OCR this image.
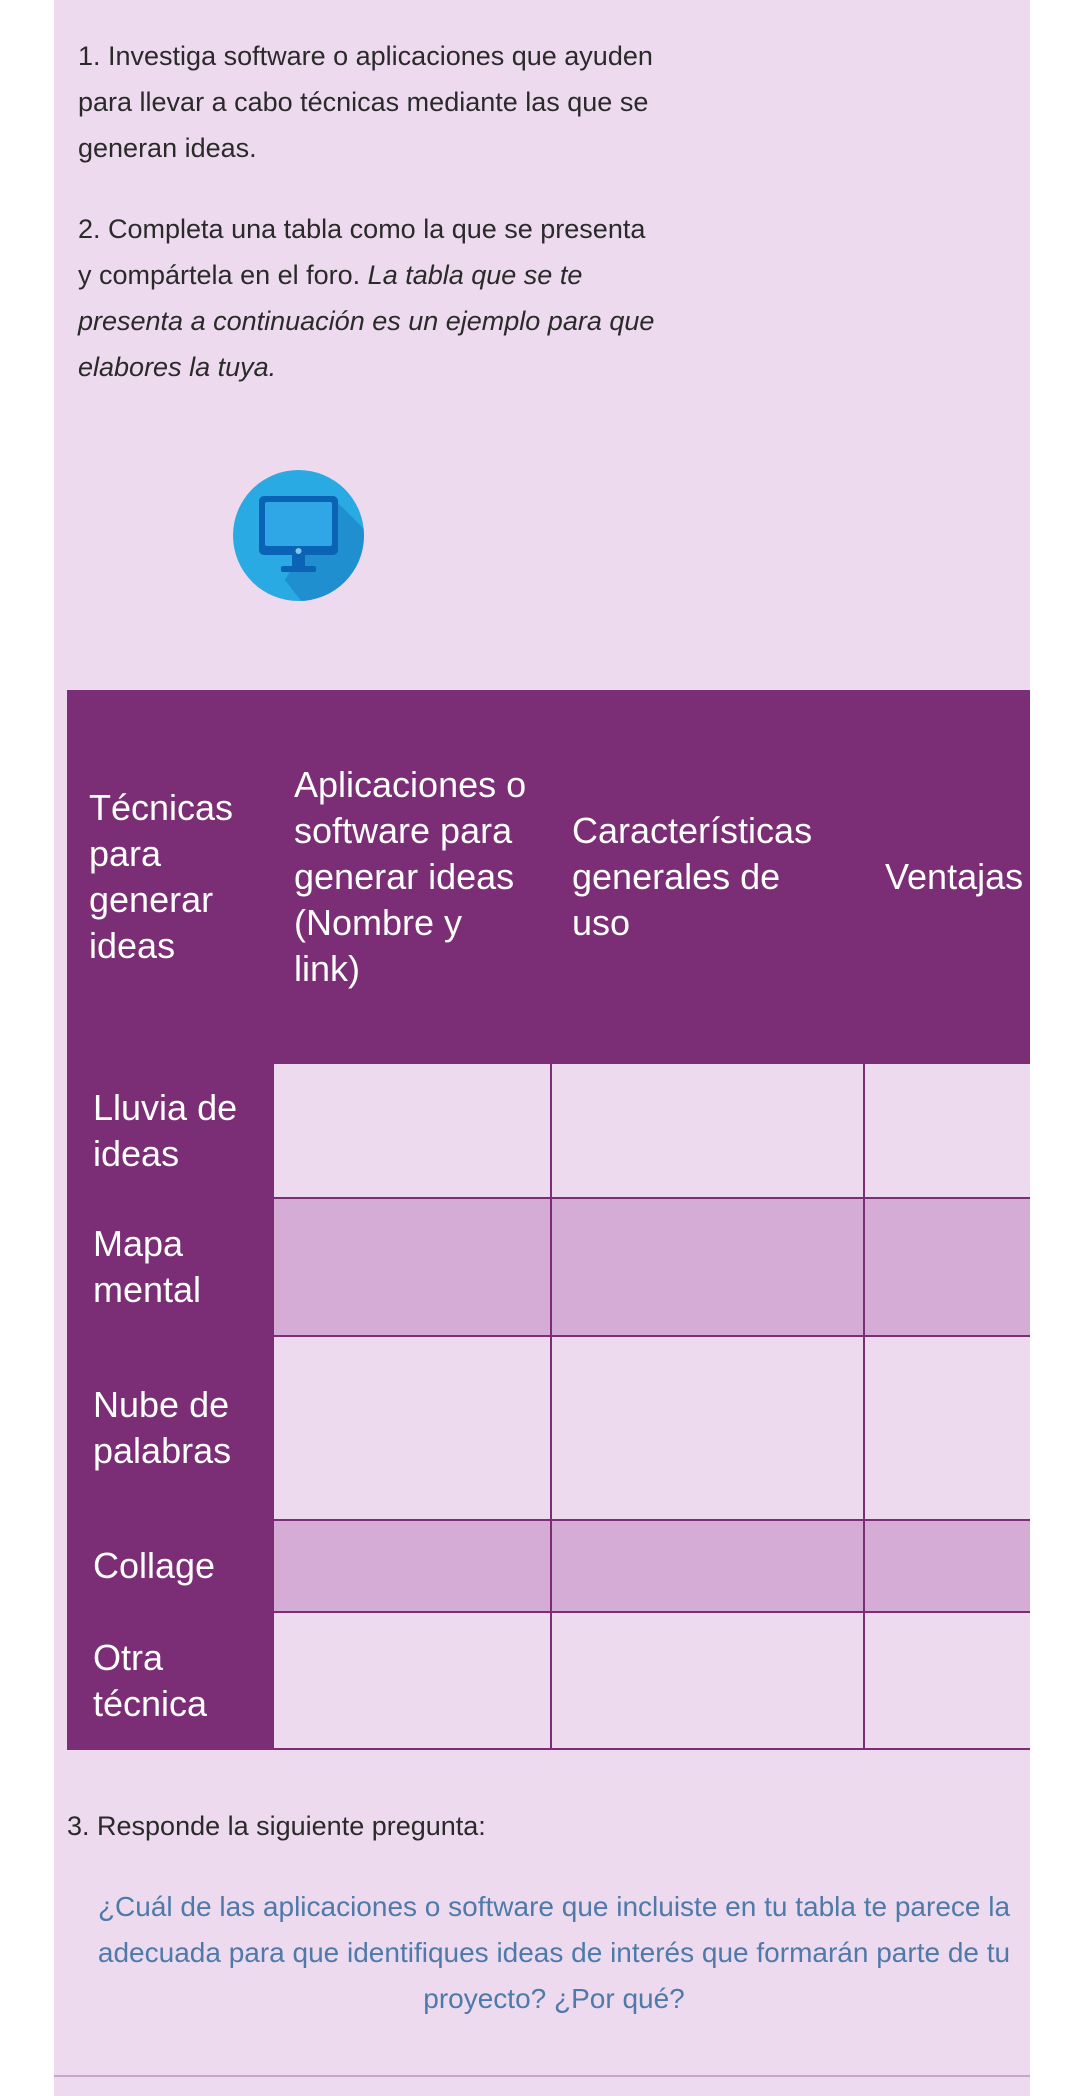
1. Investiga software o aplicaciones que ayuden para llevar a cabo técnicas mediante las que se generan ideas.

2. Completa una tabla como la que se presenta y compártela en el foro. La tabla que se te presenta a continuación es un ejemplo para que elabores la tuya.

Técnicas para generar ideas	Aplicaciones o software para generar ideas (Nombre y link)	Características generales de uso	Ventajas

Lluvia de ideas			
Mapa mental			
Nube de palabras			
Collage			
Otra técnica			

3. Responde la siguiente pregunta:

¿Cuál de las aplicaciones o software que incluiste en tu tabla te parece la adecuada para que identifiques ideas de interés que formarán parte de tu proyecto? ¿Por qué?
